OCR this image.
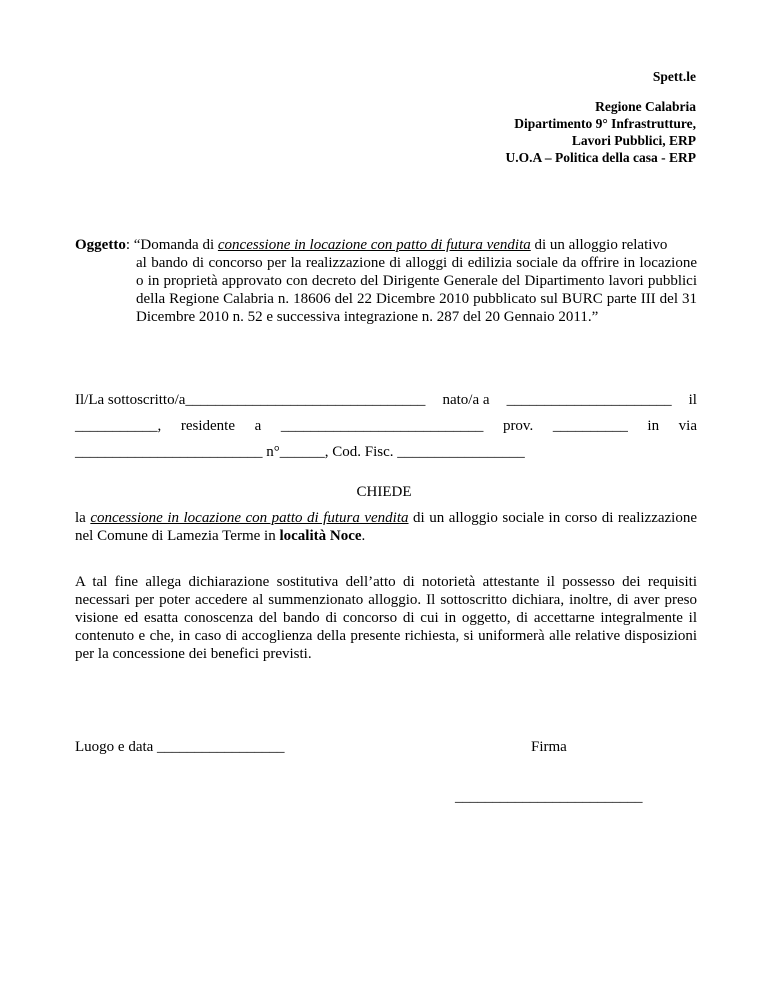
Spett.le
Regione Calabria
Dipartimento 9° Infrastrutture,
Lavori Pubblici, ERP
U.O.A – Politica della casa - ERP
Oggetto: “Domanda di concessione in locazione con patto di futura vendita di un alloggio relativo
al bando di concorso per la realizzazione di alloggi di edilizia sociale da offrire in locazione o in proprietà approvato con decreto del Dirigente Generale del Dipartimento lavori pubblici della Regione Calabria n. 18606 del 22 Dicembre 2010 pubblicato sul BURC parte III del 31 Dicembre 2010 n. 52 e successiva integrazione n. 287 del 20 Gennaio 2011.”
Il/La sottoscritto/a________________________________ nato/a a ______________________ il
___________, residente a ___________________________ prov. __________ in via
_________________________ n°______, Cod. Fisc. _________________
CHIEDE
la concessione in locazione con patto di futura vendita di un alloggio sociale in corso di realizzazione nel Comune di Lamezia Terme in località Noce.
A tal fine allega dichiarazione sostitutiva dell’atto di notorietà attestante il possesso dei requisiti necessari per poter accedere al summenzionato alloggio. Il sottoscritto dichiara, inoltre, di aver preso visione ed esatta conoscenza del bando di concorso di cui in oggetto, di accettarne integralmente il contenuto e che, in caso di accoglienza della presente richiesta, si uniformerà alle relative disposizioni per la concessione dei benefici previsti.
Luogo e data _________________	Firma
_________________________
